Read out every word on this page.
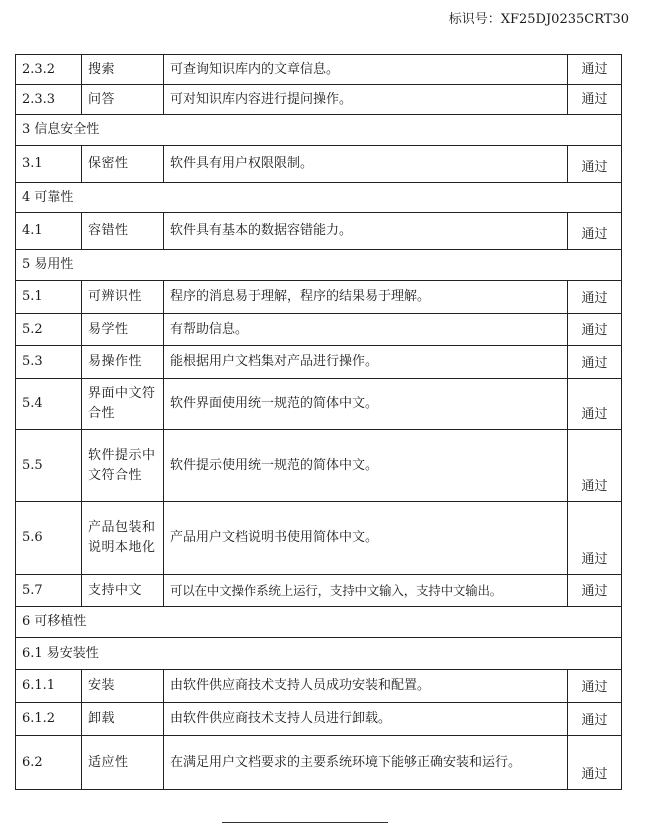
标识号：XF25DJ0235CRT30
2.3.2	搜索	可查询知识库内的文章信息。	通过
2.3.3	问答	可对知识库内容进行提问操作。	通过
3 信息安全性			
3.1	保密性	软件具有用户权限限制。	通过
4 可靠性			
4.1	容错性	软件具有基本的数据容错能力。	通过
5 易用性			
5.1	可辨识性	程序的消息易于理解，程序的结果易于理解。	通过
5.2	易学性	有帮助信息。	通过
5.3	易操作性	能根据用户文档集对产品进行操作。	通过
5.4	界面中文符合性	软件界面使用统一规范的简体中文。	通过
5.5	软件提示中文符合性	软件提示使用统一规范的简体中文。	通过
5.6	产品包装和说明本地化	产品用户文档说明书使用简体中文。	通过
5.7	支持中文	可以在中文操作系统上运行，支持中文输入，支持中文输出。	通过
6 可移植性			
6.1 易安装性			
6.1.1	安装	由软件供应商技术支持人员成功安装和配置。	通过
6.1.2	卸载	由软件供应商技术支持人员进行卸载。	通过
6.2	适应性	在满足用户文档要求的主要系统环境下能够正确安装和运行。	通过
